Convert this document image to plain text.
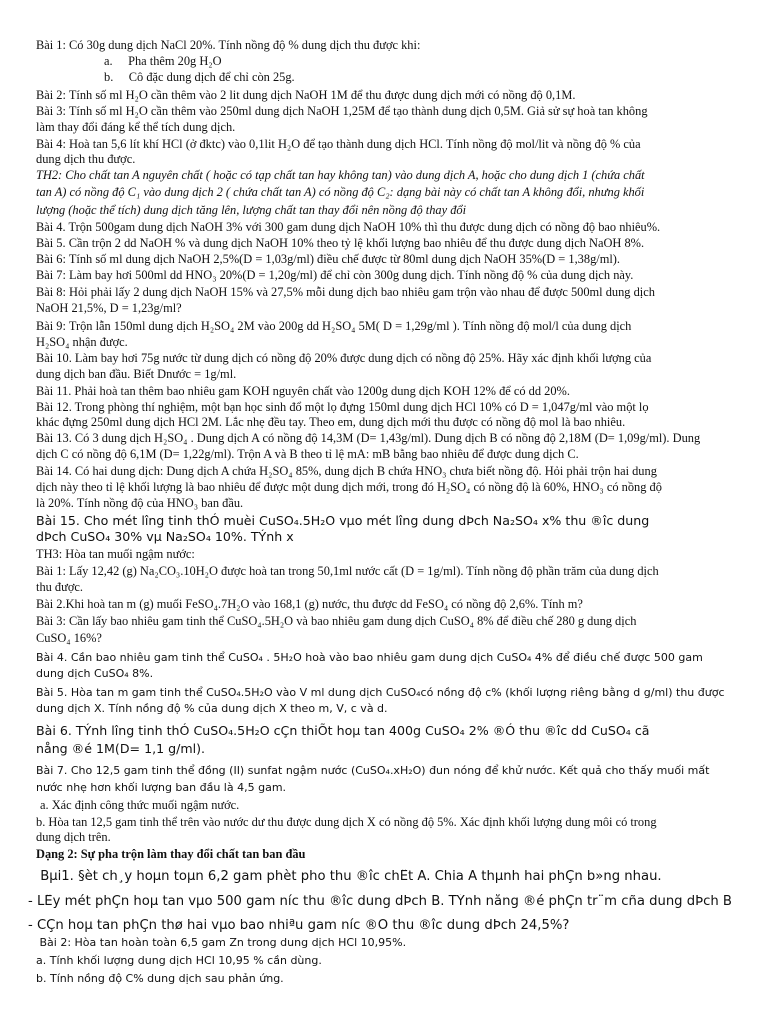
Bài 1: Có 30g dung dịch NaCl 20%. Tính nồng độ % dung dịch thu được khi:
a.     Pha thêm 20g H₂O
b.     Cô đặc dung dịch để chỉ còn 25g.
Bài 2: Tính số ml H₂O cần thêm vào 2 lit dung dịch NaOH 1M để thu được dung dịch mới có nồng độ 0,1M.
Bài 3: Tính số ml H₂O cần thêm vào 250ml dung dịch NaOH 1,25M để tạo thành dung dịch 0,5M. Giả sử sự hoà tan không
làm thay đổi đáng kể thể tích dung dịch.
Bài 4: Hoà tan 5,6 lít khí HCl (ở đktc) vào 0,1lit H₂O để tạo thành dung dịch HCl. Tính nồng độ mol/lit và nồng độ % của
dung dịch thu được.
TH2: Cho chất tan A nguyên chất ( hoặc có tạp chất tan hay không tan) vào dung dịch A, hoặc cho dung dịch 1 (chứa chất
tan A) có nồng độ C₁ vào dung dịch 2 ( chứa chất tan A) có nồng độ C₂: dạng bài này có chất tan A không đổi, nhưng khối
lượng (hoặc thể tích) dung dịch tăng lên, lượng chất tan thay đổi nên nồng độ thay đổi
Bài 4. Trộn 500gam dung dịch NaOH 3% với 300 gam dung dịch NaOH 10% thì thu được dung dịch có nồng độ bao nhiêu%.
Bài 5. Cần trộn 2 dd NaOH % và dung dịch NaOH 10% theo tỷ lệ khối lượng bao nhiêu để thu được dung dịch NaOH 8%.
Bài 6: Tính số ml dung dịch NaOH 2,5%(D = 1,03g/ml) điều chế được từ 80ml dung dịch NaOH 35%(D = 1,38g/ml).
Bài 7: Làm bay hơi 500ml dd HNO₃ 20%(D = 1,20g/ml) để chỉ còn 300g dung dịch. Tính nồng độ % của dung dịch này.
Bài 8: Hỏi phải lấy 2 dung dịch NaOH 15% và 27,5% mỗi dung dịch bao nhiêu gam trộn vào nhau để được 500ml dung dịch
NaOH 21,5%, D = 1,23g/ml?
Bài 9: Trộn lẫn 150ml dung dịch H₂SO₄ 2M vào 200g dd H₂SO₄ 5M( D = 1,29g/ml ). Tính nồng độ mol/l của dung dịch
H₂SO₄ nhận được.
Bài 10. Làm bay hơi 75g nước từ dung dịch có nồng độ 20% được dung dịch có nồng độ 25%. Hãy xác định khối lượng của
dung dịch ban đầu. Biết Dnước = 1g/ml.
Bài 11. Phải hoà tan thêm bao nhiêu gam KOH nguyên chất vào 1200g dung dịch KOH 12% để có dd 20%.
Bài 12. Trong phòng thí nghiệm, một bạn học sinh đổ một lọ đựng 150ml dung dịch HCl 10% có D = 1,047g/ml vào một lọ
khác đựng 250ml dung dịch HCl 2M. Lắc nhẹ đều tay. Theo em, dung dịch mới thu được có nồng độ mol là bao nhiêu.
Bài 13. Có 3 dung dịch H₂SO₄ . Dung dịch A có nồng độ 14,3M (D= 1,43g/ml). Dung dịch B có nồng độ 2,18M (D= 1,09g/ml). Dung
dịch C có nồng độ 6,1M (D= 1,22g/ml). Trộn A và B theo tỉ lệ mA: mB bằng bao nhiêu để được dung dịch C.
Bài 14. Có hai dung dịch: Dung dịch A chứa H₂SO₄ 85%, dung dịch B chứa HNO₃ chưa biết nồng độ. Hỏi phải trộn hai dung
dịch này theo tỉ lệ khối lượng là bao nhiêu để được một dung dịch mới, trong đó H₂SO₄ có nồng độ là 60%, HNO₃ có nồng độ
là 20%. Tính nồng độ của HNO₃ ban đầu.
Bài 15. Cho mét lîng tinh thÓ muèi CuSO₄.5H₂O vµo mét lîng dung dÞch Na₂SO₄ x% thu ®îc dung
dÞch CuSO₄ 30% vµ Na₂SO₄ 10%. TÝnh x
TH3: Hòa tan muối ngậm nước:
Bài 1: Lấy 12,42 (g) Na₂CO₃.10H₂O được hoà tan trong 50,1ml nước cất (D = 1g/ml). Tính nồng độ phần trăm của dung dịch
thu được.
Bài 2.Khi hoà tan m (g) muối FeSO₄.7H₂O vào 168,1 (g) nước, thu được dd FeSO₄ có nồng độ 2,6%. Tính m?
Bài 3: Cần lấy bao nhiêu gam tinh thể CuSO₄.5H₂O và bao nhiêu gam dung dịch CuSO₄ 8% để điều chế 280 g dung dịch
CuSO₄ 16%?
Bài 4. Cần bao nhiêu gam tinh thể CuSO₄ . 5H₂O hoà vào bao nhiêu gam dung dịch CuSO₄ 4% để điều chế được 500 gam
dung dịch CuSO₄ 8%.
Bài 5. Hòa tan m gam tinh thể CuSO₄.5H₂O vào V ml dung dịch CuSO₄có nồng độ c% (khối lượng riêng bằng d g/ml) thu được
dung dịch X. Tính nồng độ % của dung dịch X theo m, V, c và d.
Bài 6. TÝnh lîng tinh thÓ CuSO₄.5H₂O cÇn thiÕt hoµ tan 400g CuSO₄ 2% ®Ó thu ®îc dd CuSO₄ cã
nång ®é 1M(D= 1,1 g/ml).
Bài 7. Cho 12,5 gam tinh thể đồng (II) sunfat ngậm nước (CuSO₄.xH₂O) đun nóng để khử nước. Kết quả cho thấy muối mất
nước nhẹ hơn khối lượng ban đầu là 4,5 gam.
a. Xác định công thức muối ngậm nước.
b. Hòa tan 12,5 gam tinh thể trên vào nước dư thu được dung dịch X có nồng độ 5%. Xác định khối lượng dung môi có trong
dung dịch trên.
Dạng 2: Sự pha trộn làm thay đổi chất tan ban đầu
Bµi1. §èt ch¸y hoµn toµn 6,2 gam phèt pho thu ®îc chÊt A. Chia A thµnh hai phÇn b»ng nhau.
- LÊy mét phÇn hoµ tan vµo 500 gam níc thu ®îc dung dÞch B. TÝnh nång ®é phÇn tr¨m cña dung dÞch B
- CÇn hoµ tan phÇn thø hai vµo bao nhiªu gam níc ®Ó thu ®îc dung dÞch 24,5%?
Bài 2: Hòa tan hoàn toàn 6,5 gam Zn trong dung dịch HCl 10,95%.
a. Tính khối lượng dung dịch HCl 10,95 % cần dùng.
b. Tính nồng độ C% dung dịch sau phản ứng.
